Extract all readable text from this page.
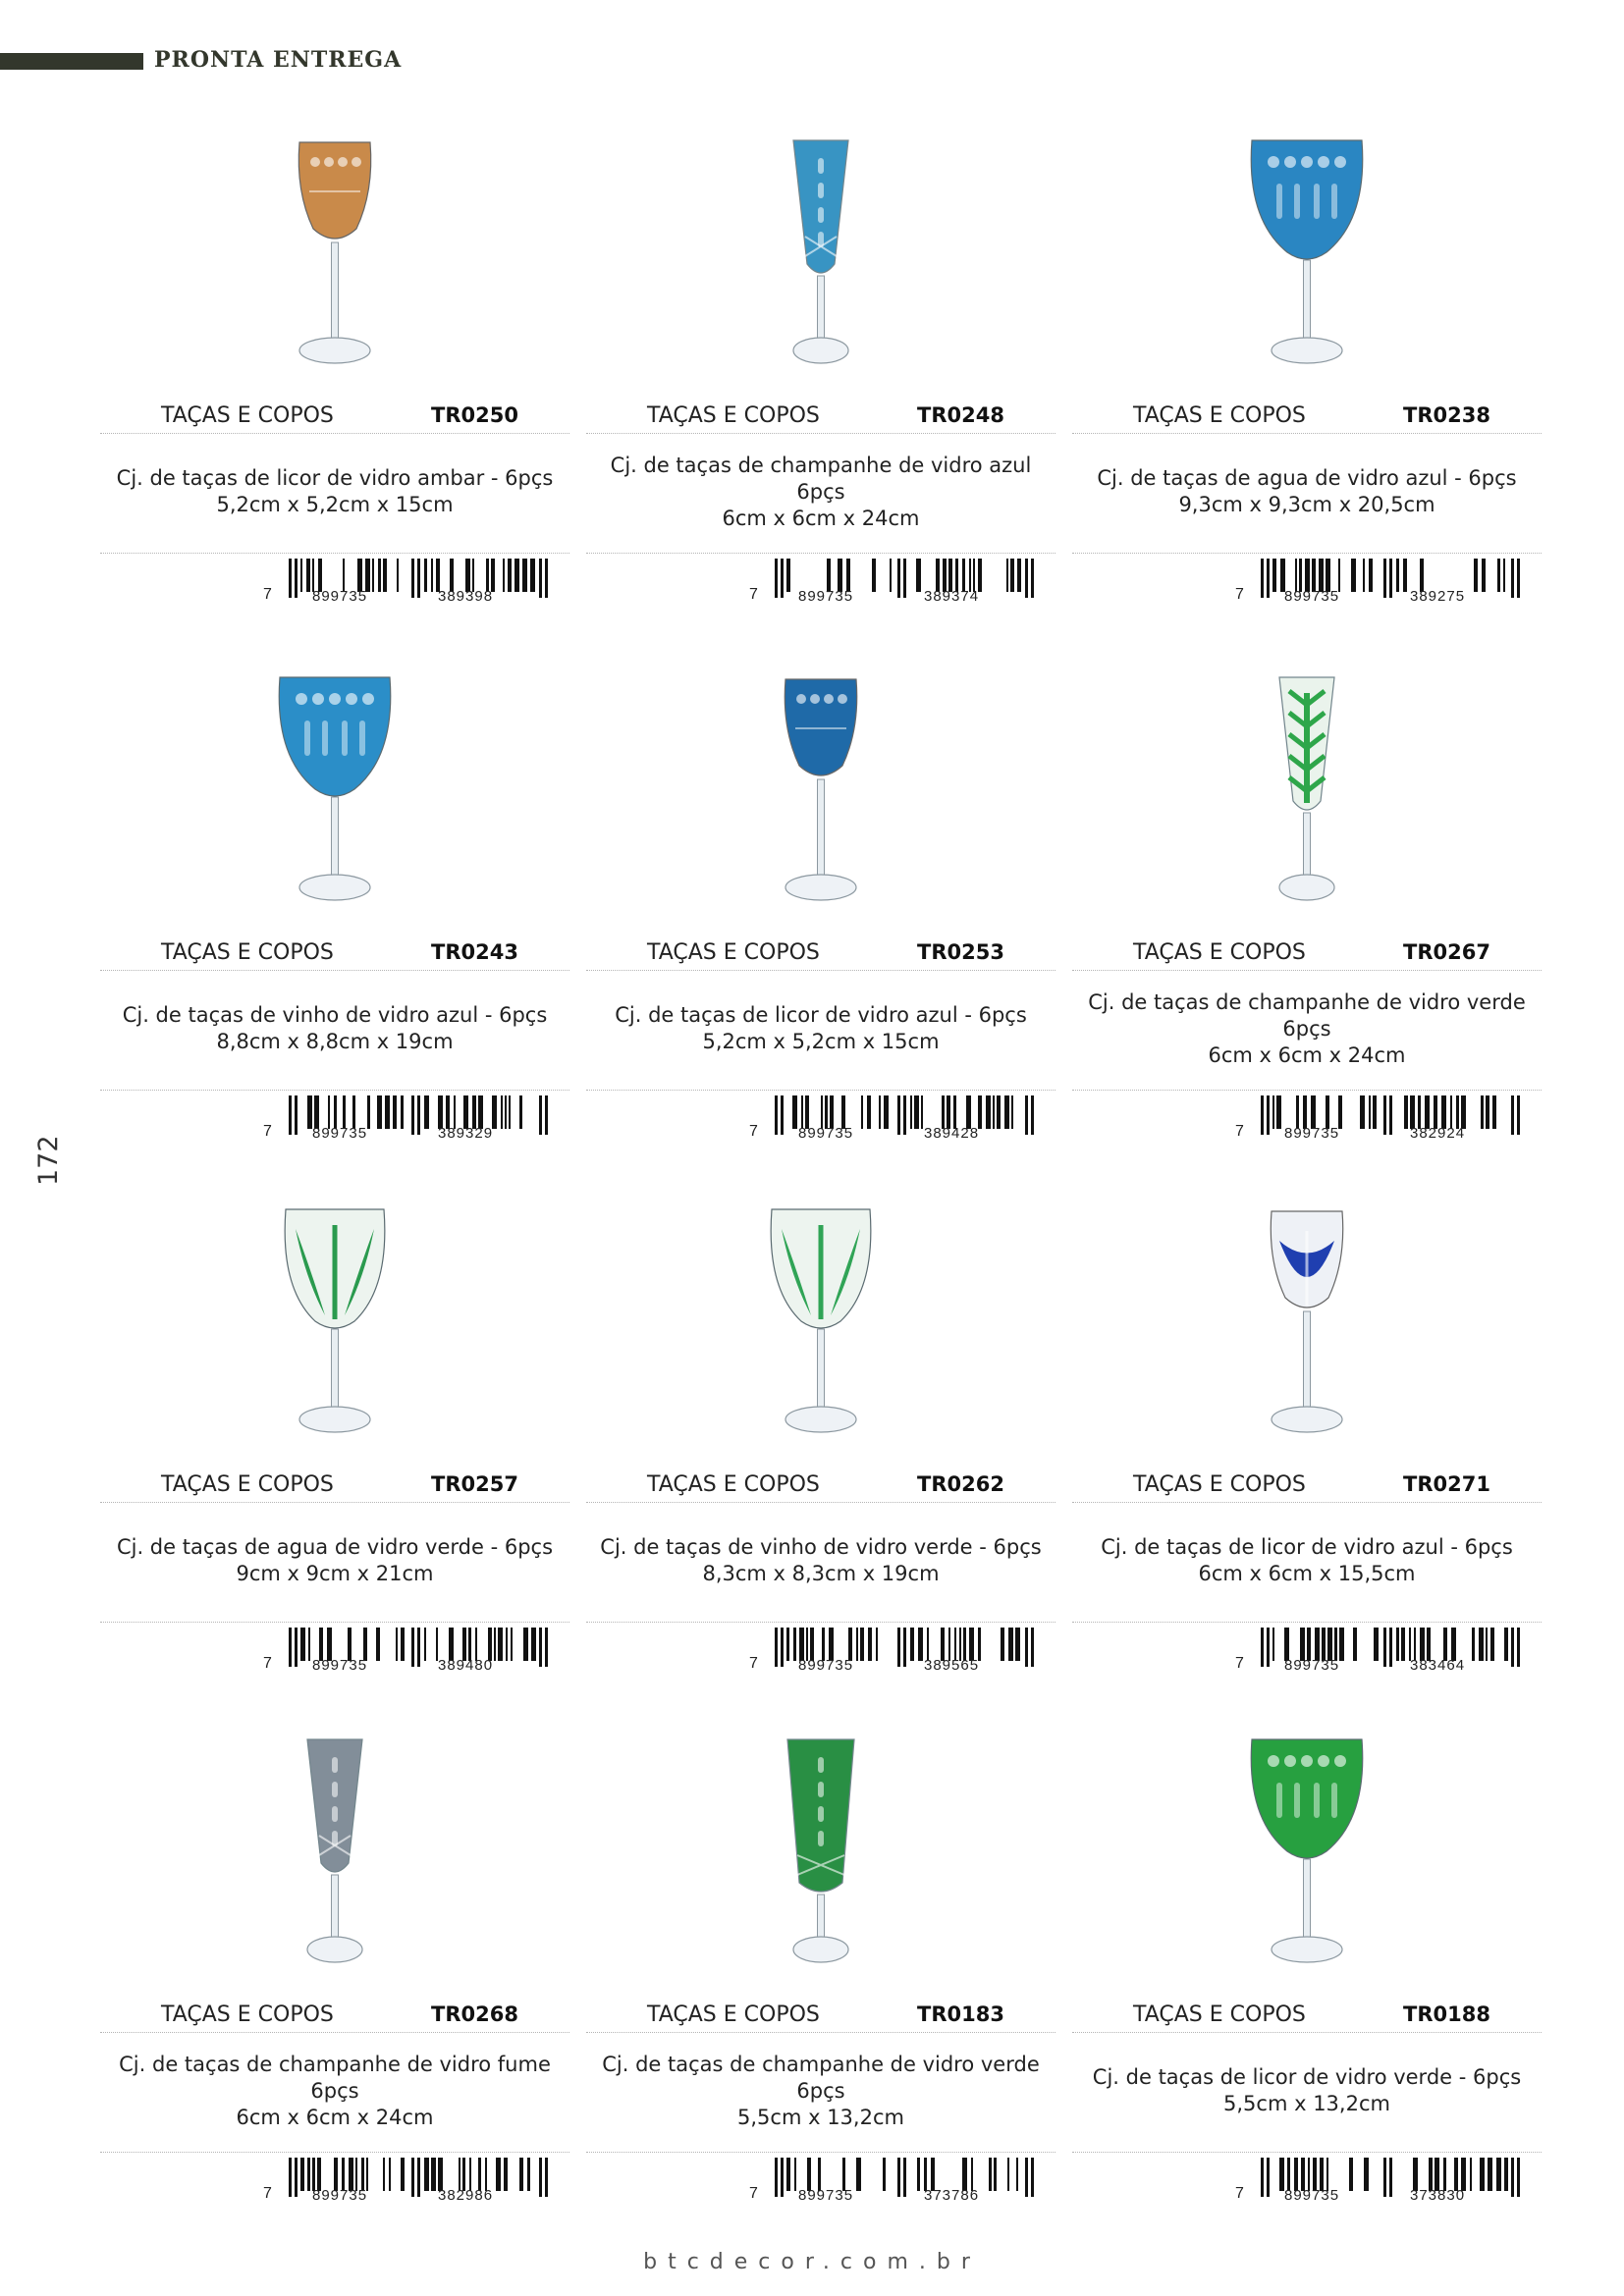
PRONTA ENTREGA
172
TAÇAS E COPOS	TR0250
Cj. de taças de licor de vidro ambar - 6pçs
5,2cm x 5,2cm x 15cm
7	899735	389398
TAÇAS E COPOS	TR0248
Cj. de taças de champanhe de vidro azul 6pçs
6cm x 6cm x 24cm
7	899735	389374
TAÇAS E COPOS	TR0238
Cj. de taças de agua de vidro azul - 6pçs
9,3cm x 9,3cm x 20,5cm
7	899735	389275
TAÇAS E COPOS	TR0243
Cj. de taças de vinho de vidro azul - 6pçs
8,8cm x 8,8cm x 19cm
7	899735	389329
TAÇAS E COPOS	TR0253
Cj. de taças de licor de vidro azul - 6pçs
5,2cm x 5,2cm x 15cm
7	899735	389428
TAÇAS E COPOS	TR0267
Cj. de taças de champanhe de vidro verde
6pçs
6cm x 6cm x 24cm
7	899735	382924
TAÇAS E COPOS	TR0257
Cj. de taças de agua de vidro verde - 6pçs
9cm x 9cm x 21cm
7	899735	389480
TAÇAS E COPOS	TR0262
Cj. de taças de vinho de vidro verde - 6pçs
8,3cm x 8,3cm x 19cm
7	899735	389565
TAÇAS E COPOS	TR0271
Cj. de taças de licor de vidro azul - 6pçs
6cm x 6cm x 15,5cm
7	899735	383464
TAÇAS E COPOS	TR0268
Cj. de taças de champanhe de vidro fume
6pçs
6cm x 6cm x 24cm
7	899735	382986
TAÇAS E COPOS	TR0183
Cj. de taças de champanhe de vidro verde
6pçs
5,5cm x 13,2cm
7	899735	373786
TAÇAS E COPOS	TR0188
Cj. de taças de licor de vidro verde - 6pçs
5,5cm x 13,2cm
7	899735	373830
btcdecor.com.br
